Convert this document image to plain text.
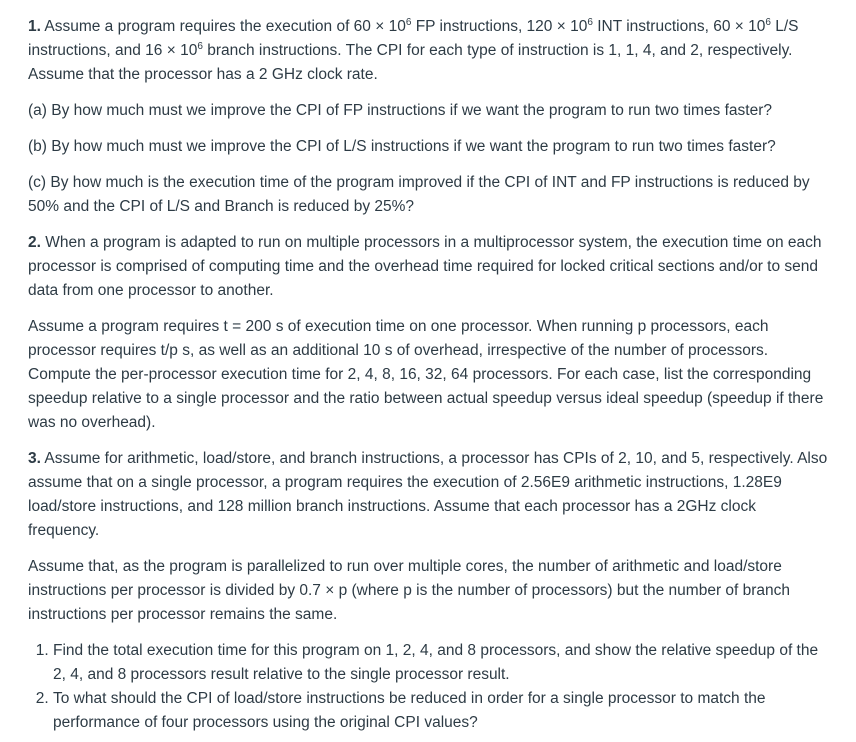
1. Assume a program requires the execution of $60 \times 10^6$ FP instructions, $120 \times 10^6$ INT instructions, $60 \times 10^6$ L/S instructions, and $16 \times 10^6$ branch instructions. The CPI for each type of instruction is 1, 1, 4, and 2, respectively. Assume that the processor has a 2 GHz clock rate.

(a) By how much must we improve the CPI of FP instructions if we want the program to run two times faster?

(b) By how much must we improve the CPI of L/S instructions if we want the program to run two times faster?

(c) By how much is the execution time of the program improved if the CPI of INT and FP instructions is reduced by 50% and the CPI of L/S and Branch is reduced by 25%?

2. When a program is adapted to run on multiple processors in a multiprocessor system, the execution time on each processor is comprised of computing time and the overhead time required for locked critical sections and/or to send data from one processor to another.

Assume a program requires t = 200 s of execution time on one processor. When running p processors, each processor requires t/p s, as well as an additional 10 s of overhead, irrespective of the number of processors. Compute the per-processor execution time for 2, 4, 8, 16, 32, 64 processors. For each case, list the corresponding speedup relative to a single processor and the ratio between actual speedup versus ideal speedup (speedup if there was no overhead).

3. Assume for arithmetic, load/store, and branch instructions, a processor has CPIs of 2, 10, and 5, respectively. Also assume that on a single processor, a program requires the execution of 2.56E9 arithmetic instructions, 1.28E9 load/store instructions, and 128 million branch instructions. Assume that each processor has a 2GHz clock frequency.

Assume that, as the program is parallelized to run over multiple cores, the number of arithmetic and load/store instructions per processor is divided by 0.7 × p (where p is the number of processors) but the number of branch instructions per processor remains the same.

1. Find the total execution time for this program on 1, 2, 4, and 8 processors, and show the relative speedup of the 2, 4, and 8 processors result relative to the single processor result.
2. To what should the CPI of load/store instructions be reduced in order for a single processor to match the performance of four processors using the original CPI values?
